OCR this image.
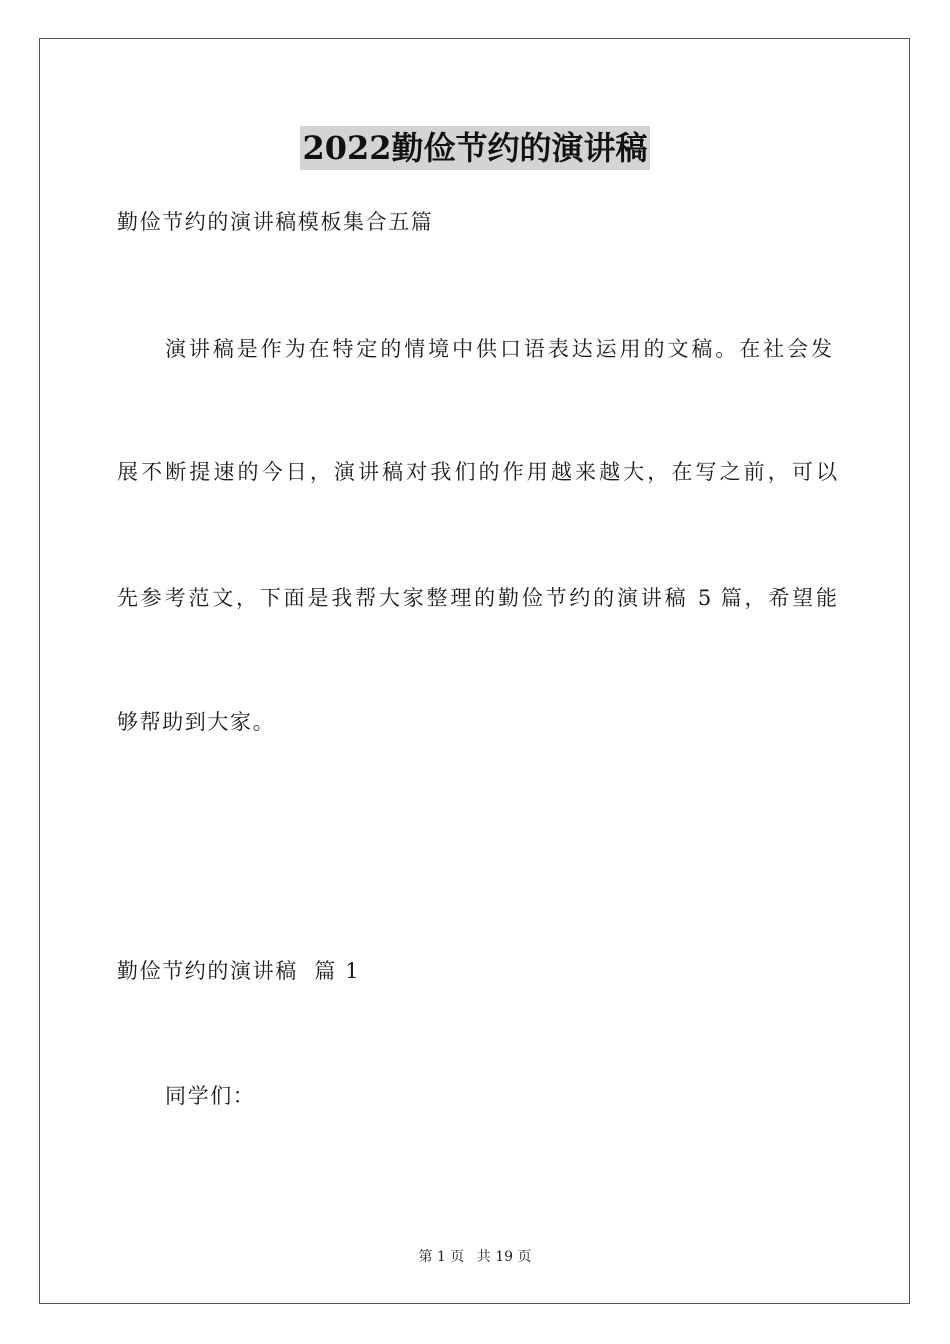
2022勤俭节约的演讲稿
勤俭节约的演讲稿模板集合五篇
演讲稿是作为在特定的情境中供口语表达运用的文稿。在社会发
展不断提速的今日，演讲稿对我们的作用越来越大，在写之前，可以
先参考范文，下面是我帮大家整理的勤俭节约的演讲稿 5 篇，希望能
够帮助到大家。
勤俭节约的演讲稿  篇 1
同学们：
第 1 页 共 19 页
